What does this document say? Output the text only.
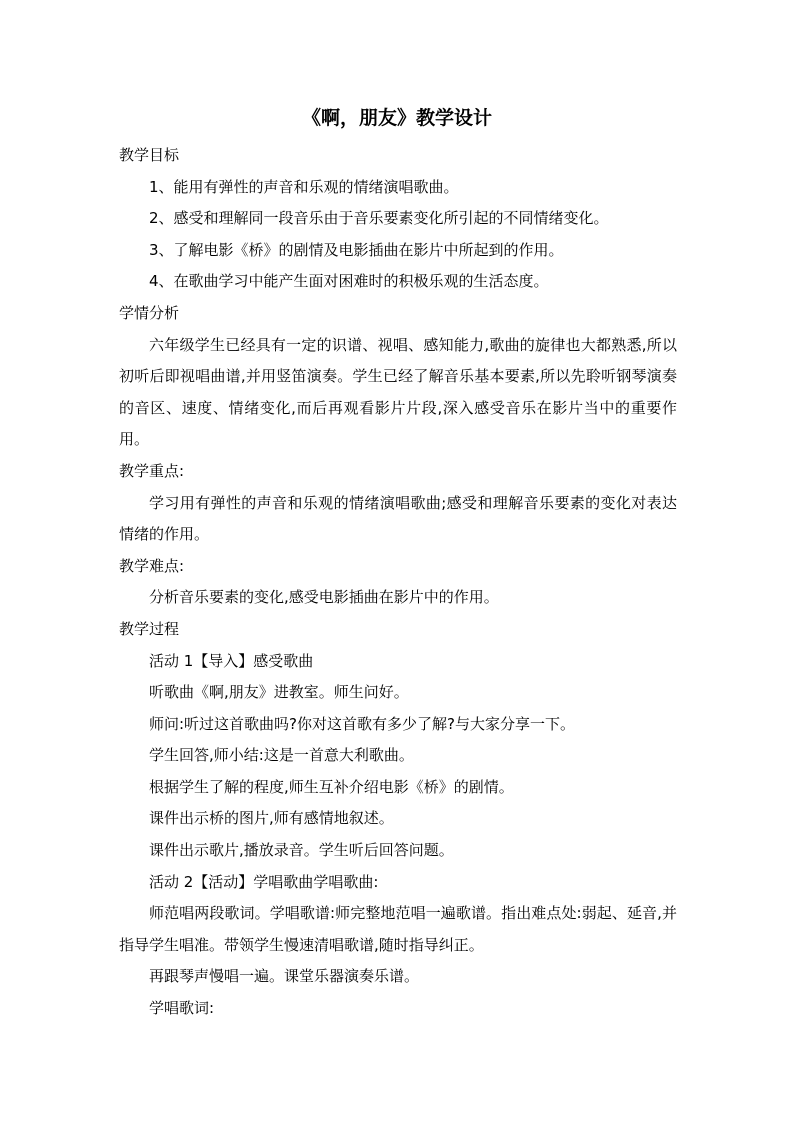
《啊，朋友》教学设计

教学目标

1、能用有弹性的声音和乐观的情绪演唱歌曲。

2、感受和理解同一段音乐由于音乐要素变化所引起的不同情绪变化。

3、了解电影《桥》的剧情及电影插曲在影片中所起到的作用。

4、在歌曲学习中能产生面对困难时的积极乐观的生活态度。

学情分析

六年级学生已经具有一定的识谱、视唱、感知能力,歌曲的旋律也大都熟悉,所以初听后即视唱曲谱,并用竖笛演奏。学生已经了解音乐基本要素,所以先聆听钢琴演奏的音区、速度、情绪变化,而后再观看影片片段,深入感受音乐在影片当中的重要作用。

教学重点:

学习用有弹性的声音和乐观的情绪演唱歌曲;感受和理解音乐要素的变化对表达情绪的作用。

教学难点:

分析音乐要素的变化,感受电影插曲在影片中的作用。

教学过程

活动 1【导入】感受歌曲

听歌曲《啊,朋友》进教室。师生问好。

师问:听过这首歌曲吗?你对这首歌有多少了解?与大家分享一下。

学生回答,师小结:这是一首意大利歌曲。

根据学生了解的程度,师生互补介绍电影《桥》的剧情。

课件出示桥的图片,师有感情地叙述。

课件出示歌片,播放录音。学生听后回答问题。

活动 2【活动】学唱歌曲学唱歌曲:

师范唱两段歌词。学唱歌谱:师完整地范唱一遍歌谱。指出难点处:弱起、延音,并指导学生唱准。带领学生慢速清唱歌谱,随时指导纠正。

再跟琴声慢唱一遍。课堂乐器演奏乐谱。

学唱歌词:
